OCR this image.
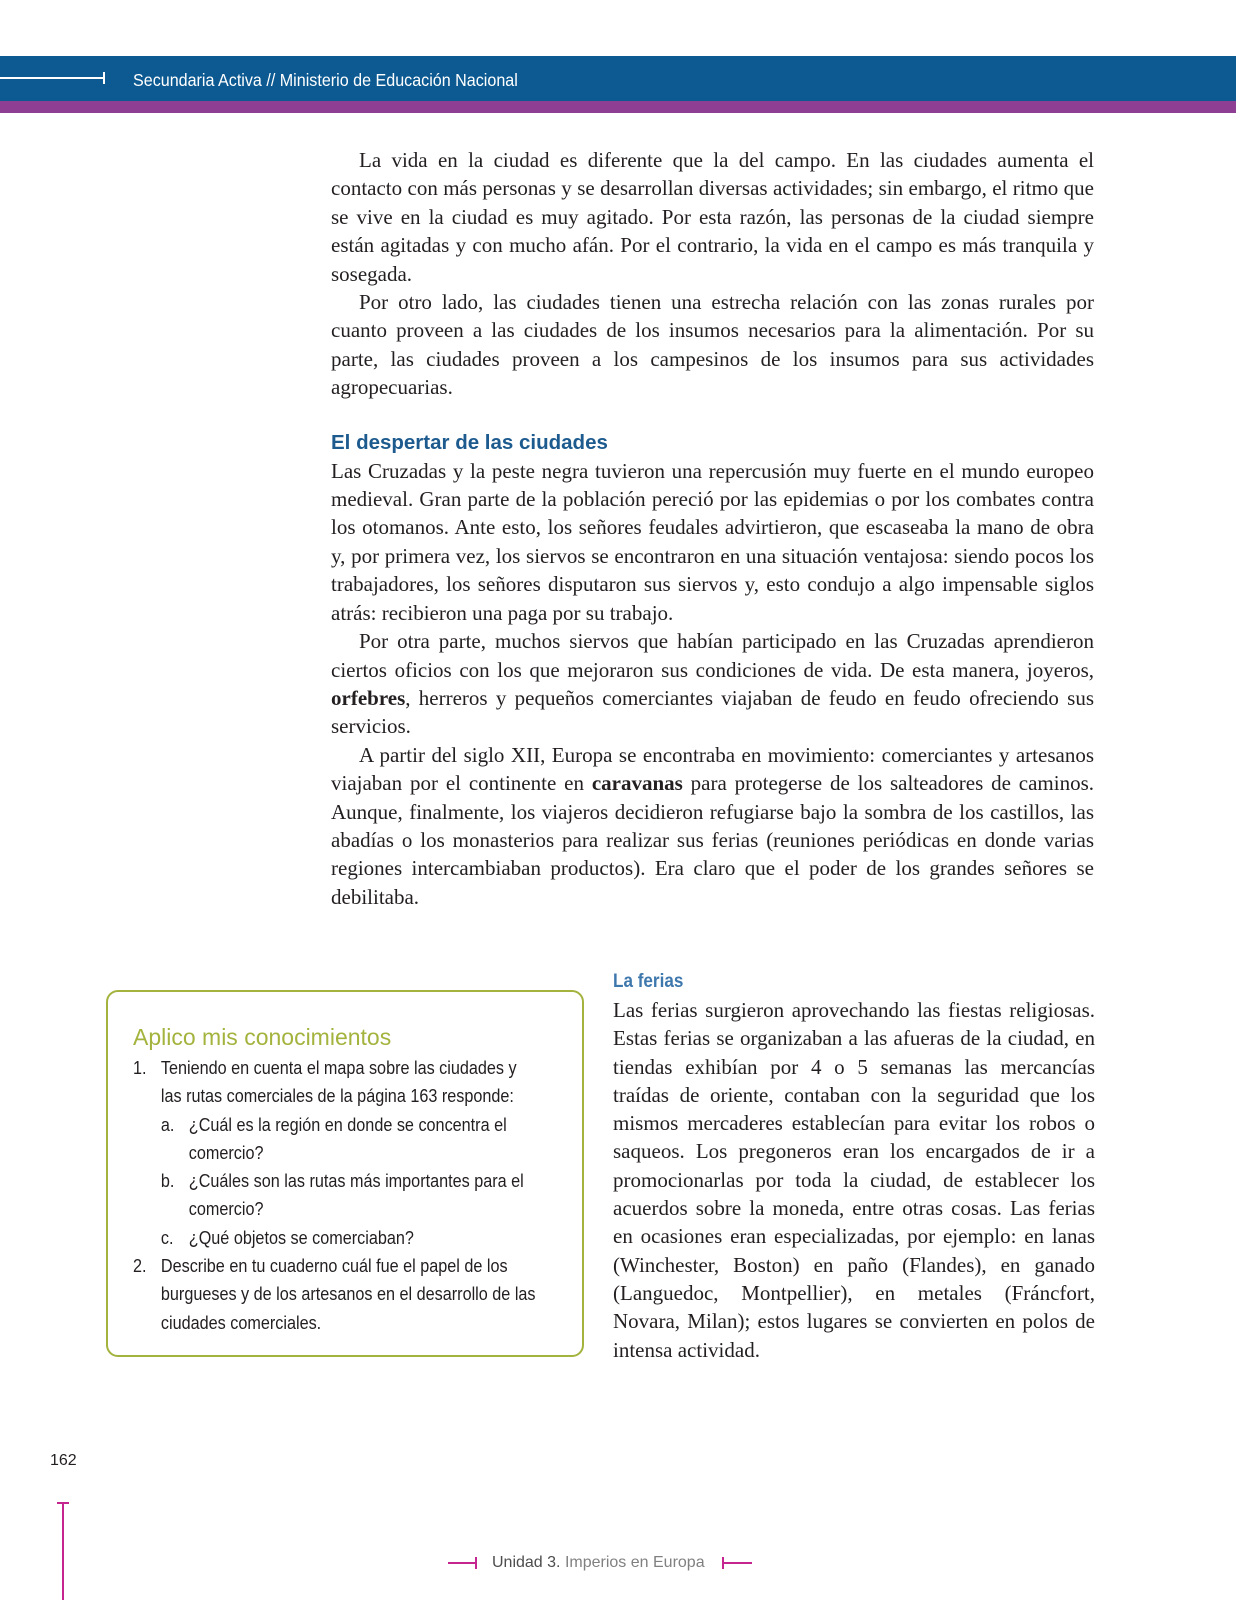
Secundaria Activa // Ministerio de Educación Nacional

La vida en la ciudad es diferente que la del campo. En las ciudades aumenta el contacto con más personas y se desarrollan diversas actividades; sin embargo, el ritmo que se vive en la ciudad es muy agitado. Por esta razón, las personas de la ciudad siempre están agitadas y con mucho afán. Por el contrario, la vida en el campo es más tranquila y sosegada.

Por otro lado, las ciudades tienen una estrecha relación con las zonas rurales por cuanto proveen a las ciudades de los insumos necesarios para la alimentación. Por su parte, las ciudades proveen a los campesinos de los insumos para sus actividades agropecuarias.

El despertar de las ciudades

Las Cruzadas y la peste negra tuvieron una repercusión muy fuerte en el mundo europeo medieval. Gran parte de la población pereció por las epidemias o por los combates contra los otomanos. Ante esto, los señores feudales advirtieron, que escaseaba la mano de obra y, por primera vez, los siervos se encontraron en una situación ventajosa: siendo pocos los trabajadores, los señores disputaron sus siervos y, esto condujo a algo impensable siglos atrás: recibieron una paga por su trabajo.

Por otra parte, muchos siervos que habían participado en las Cruzadas aprendieron ciertos oficios con los que mejoraron sus condiciones de vida. De esta manera, joyeros, orfebres, herreros y pequeños comerciantes viajaban de feudo en feudo ofreciendo sus servicios.

A partir del siglo XII, Europa se encontraba en movimiento: comerciantes y artesanos viajaban por el continente en caravanas para protegerse de los salteadores de caminos. Aunque, finalmente, los viajeros decidieron refugiarse bajo la sombra de los castillos, las abadías o los monasterios para realizar sus ferias (reuniones periódicas en donde varias regiones intercambiaban productos). Era claro que el poder de los grandes señores se debilitaba.

La ferias

Las ferias surgieron aprovechando las fiestas religiosas. Estas ferias se organizaban a las afueras de la ciudad, en tiendas exhibían por 4 o 5 semanas las mercancías traídas de oriente, contaban con la seguridad que los mismos mercaderes establecían para evitar los robos o saqueos. Los pregoneros eran los encargados de ir a promocionarlas por toda la ciudad, de establecer los acuerdos sobre la moneda, entre otras cosas. Las ferias en ocasiones eran especializadas, por ejemplo: en lanas (Winchester, Boston) en paño (Flandes), en ganado (Languedoc, Montpellier), en metales (Fráncfort, Novara, Milan); estos lugares se convierten en polos de intensa actividad.

Aplico mis conocimientos
1. Teniendo en cuenta el mapa sobre las ciudades y las rutas comerciales de la página 163 responde:
a. ¿Cuál es la región en donde se concentra el comercio?
b. ¿Cuáles son las rutas más importantes para el comercio?
c. ¿Qué objetos se comerciaban?
2. Describe en tu cuaderno cuál fue el papel de los burgueses y de los artesanos en el desarrollo de las ciudades comerciales.
162
Unidad 3. Imperios en Europa
